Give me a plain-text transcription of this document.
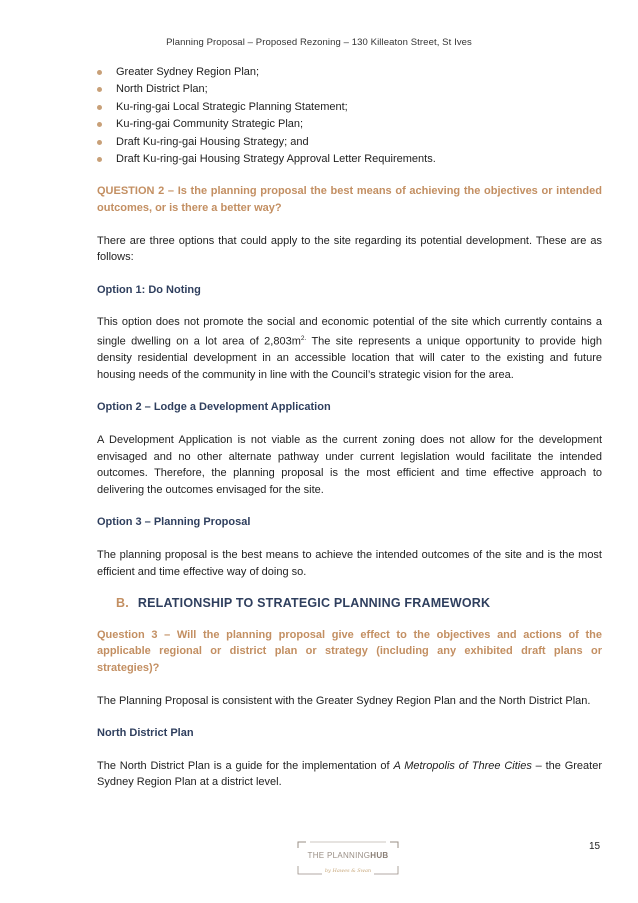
Planning Proposal – Proposed Rezoning – 130 Killeaton Street, St Ives
Greater Sydney Region Plan;
North District Plan;
Ku-ring-gai Local Strategic Planning Statement;
Ku-ring-gai Community Strategic Plan;
Draft Ku-ring-gai Housing Strategy; and
Draft Ku-ring-gai Housing Strategy Approval Letter Requirements.
QUESTION 2 – Is the planning proposal the best means of achieving the objectives or intended outcomes, or is there a better way?
There are three options that could apply to the site regarding its potential development. These are as follows:
Option 1: Do Noting
This option does not promote the social and economic potential of the site which currently contains a single dwelling on a lot area of $2,803m^{2.}$ The site represents a unique opportunity to provide high density residential development in an accessible location that will cater to the existing and future housing needs of the community in line with the Council’s strategic vision for the area.
Option 2 – Lodge a Development Application
A Development Application is not viable as the current zoning does not allow for the development envisaged and no other alternate pathway under current legislation would facilitate the intended outcomes. Therefore, the planning proposal is the most efficient and time effective approach to delivering the outcomes envisaged for the site.
Option 3 – Planning Proposal
The planning proposal is the best means to achieve the intended outcomes of the site and is the most efficient and time effective way of doing so.
B. RELATIONSHIP TO STRATEGIC PLANNING FRAMEWORK
Question 3 – Will the planning proposal give effect to the objectives and actions of the applicable regional or district plan or strategy (including any exhibited draft plans or strategies)?
The Planning Proposal is consistent with the Greater Sydney Region Plan and the North District Plan.
North District Plan
The North District Plan is a guide for the implementation of A Metropolis of Three Cities – the Greater Sydney Region Plan at a district level.
15
THE PLANNINGHUB
by Hawes & Swan
